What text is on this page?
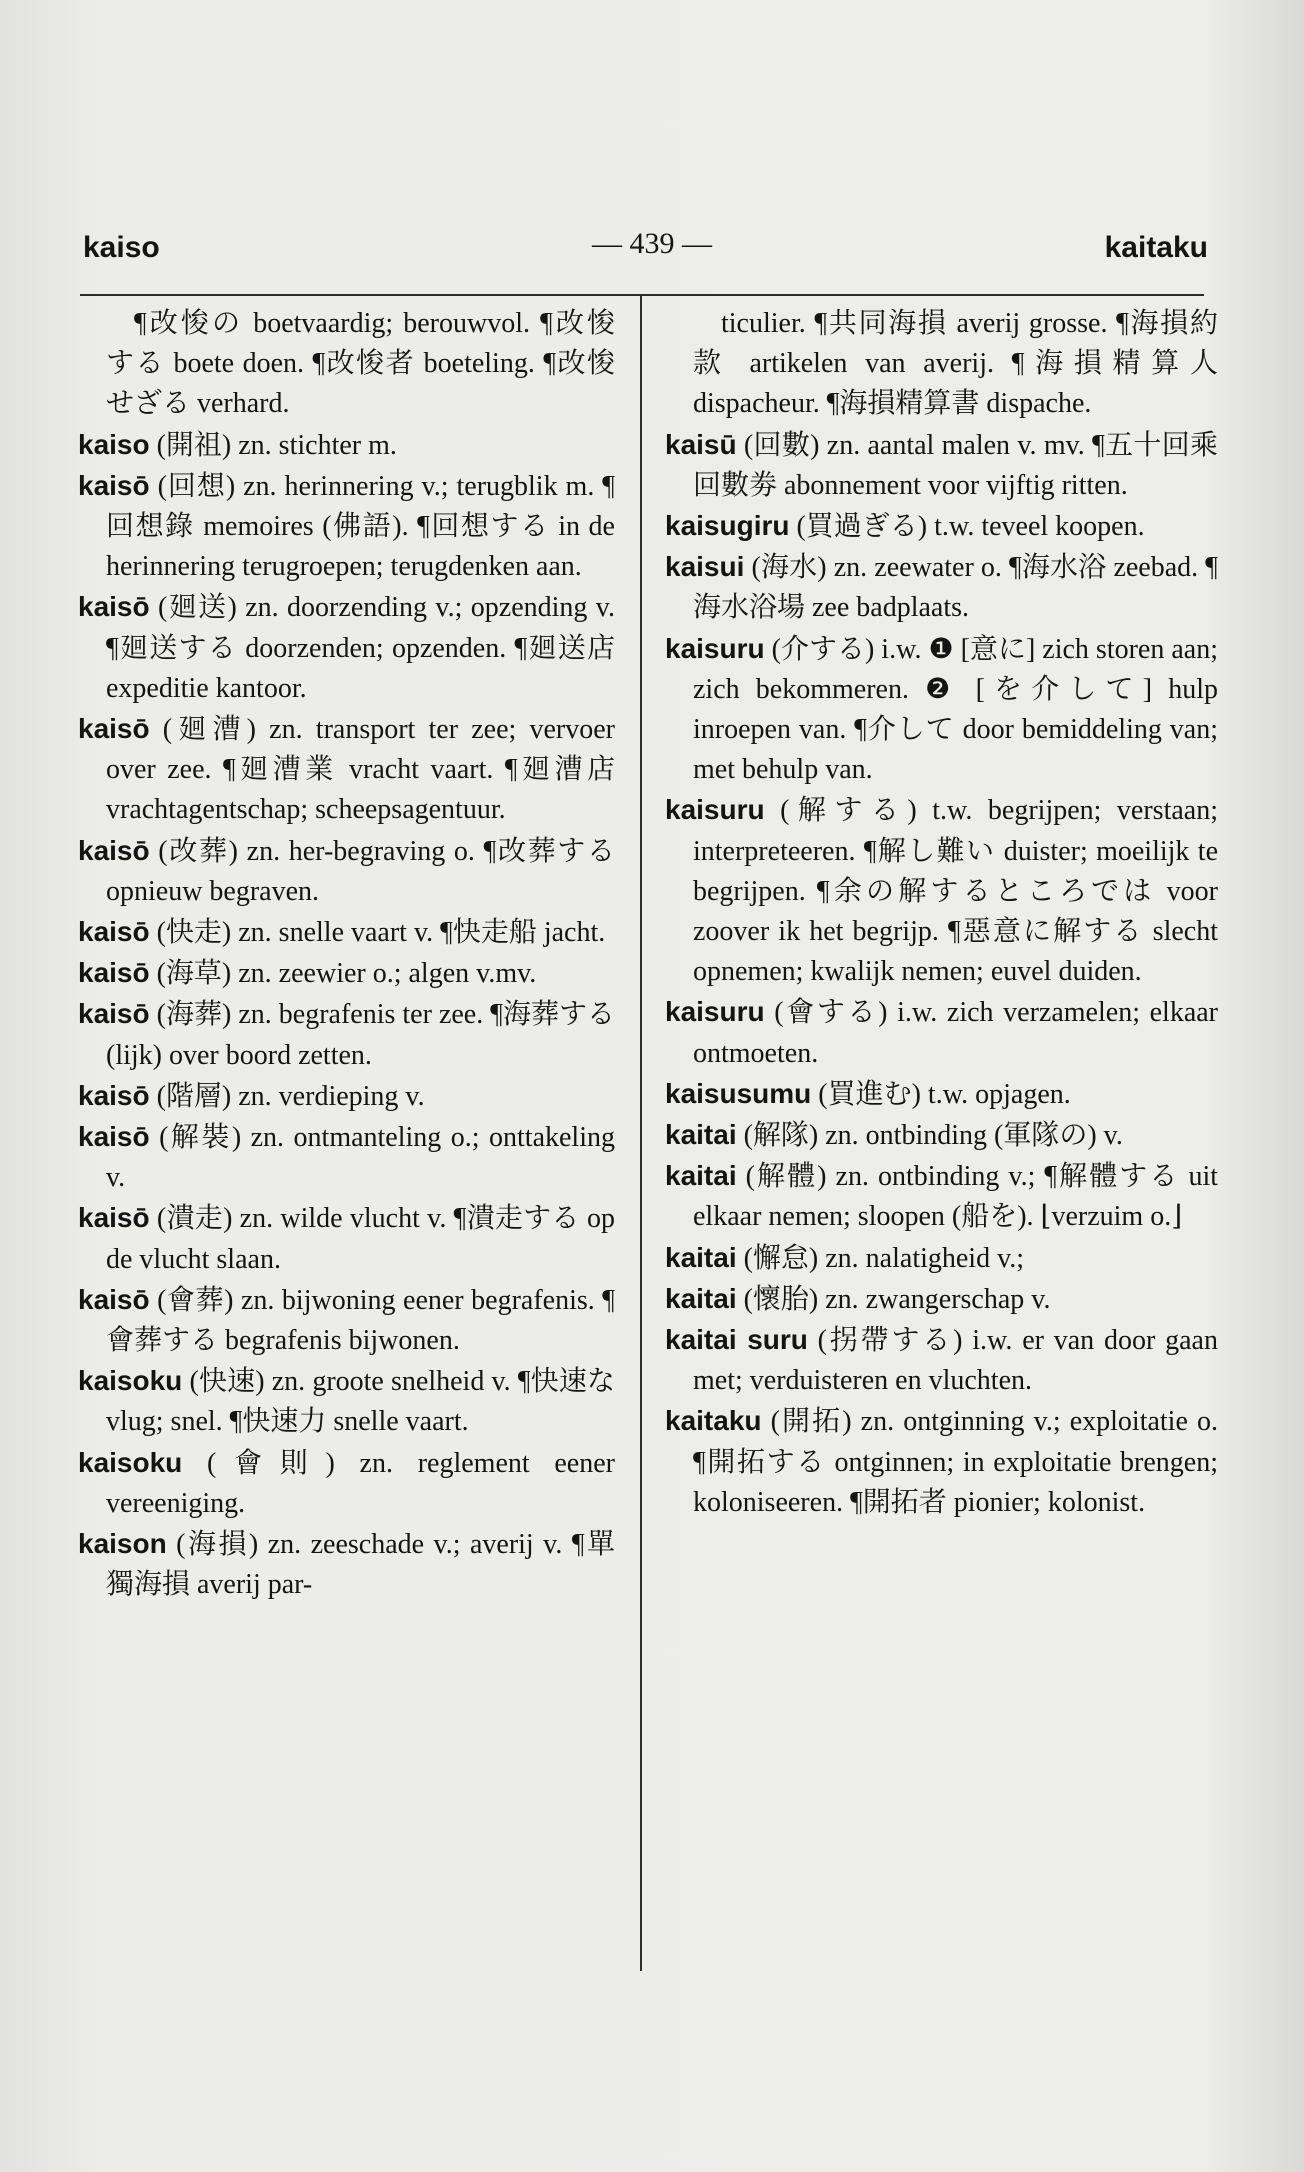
kaiso	— 439 —	kaitaku

¶改悛の boetvaardig; berouwvol. ¶改悛する boete doen. ¶改悛者 boeteling. ¶改悛せざる verhard.

kaiso (開祖) zn. stichter m.

kaisō (回想) zn. herinnering v.; terugblik m. ¶回想錄 memoires (佛語). ¶回想する in de herinnering terugroepen; terugdenken aan.

kaisō (廻送) zn. doorzending v.; opzending v. ¶廻送する doorzenden; opzenden. ¶廻送店 expeditie kantoor.

kaisō (廻漕) zn. transport ter zee; vervoer over zee. ¶廻漕業 vracht vaart. ¶廻漕店 vrachtagentschap; scheepsagentuur.

kaisō (改葬) zn. her-begraving o. ¶改葬する opnieuw begraven.

kaisō (快走) zn. snelle vaart v. ¶快走船 jacht.

kaisō (海草) zn. zeewier o.; algen v.mv.

kaisō (海葬) zn. begrafenis ter zee. ¶海葬する (lijk) over boord zetten.

kaisō (階層) zn. verdieping v.

kaisō (解裝) zn. ontmanteling o.; onttakeling v.

kaisō (潰走) zn. wilde vlucht v. ¶潰走する op de vlucht slaan.

kaisō (會葬) zn. bijwoning eener begrafenis. ¶會葬する begrafenis bijwonen.

kaisoku (快速) zn. groote snelheid v. ¶快速な vlug; snel. ¶快速力 snelle vaart.

kaisoku (會則) zn. reglement eener vereeniging.

kaison (海損) zn. zeeschade v.; averij v. ¶單獨海損 averij par-

ticulier. ¶共同海損 averij grosse. ¶海損約款 artikelen van averij. ¶海損精算人 dispacheur. ¶海損精算書 dispache.

kaisū (回數) zn. aantal malen v. mv. ¶五十回乘回數劵 abonnement voor vijftig ritten.

kaisugiru (買過ぎる) t.w. teveel koopen.

kaisui (海水) zn. zeewater o. ¶海水浴 zeebad. ¶海水浴場 zee badplaats.

kaisuru (介する) i.w. ❶ [意に] zich storen aan; zich bekommeren. ❷ [を介して] hulp inroepen van. ¶介して door bemiddeling van; met behulp van.

kaisuru (解する) t.w. begrijpen; verstaan; interpreteeren. ¶解し難い duister; moeilijk te begrijpen. ¶余の解するところでは voor zoover ik het begrijp. ¶惡意に解する slecht opnemen; kwalijk nemen; euvel duiden.

kaisuru (會する) i.w. zich verzamelen; elkaar ontmoeten.

kaisusumu (買進む) t.w. opjagen.

kaitai (解隊) zn. ontbinding (軍隊の) v.

kaitai (解體) zn. ontbinding v.; ¶解體する uit elkaar nemen; sloopen (船を). ⌊verzuim o.⌋

kaitai (懈怠) zn. nalatigheid v.;

kaitai (懷胎) zn. zwangerschap v.

kaitai suru (拐帶する) i.w. er van door gaan met; verduisteren en vluchten.

kaitaku (開拓) zn. ontginning v.; exploitatie o. ¶開拓する ontginnen; in exploitatie brengen; koloniseeren. ¶開拓者 pionier; kolonist.
